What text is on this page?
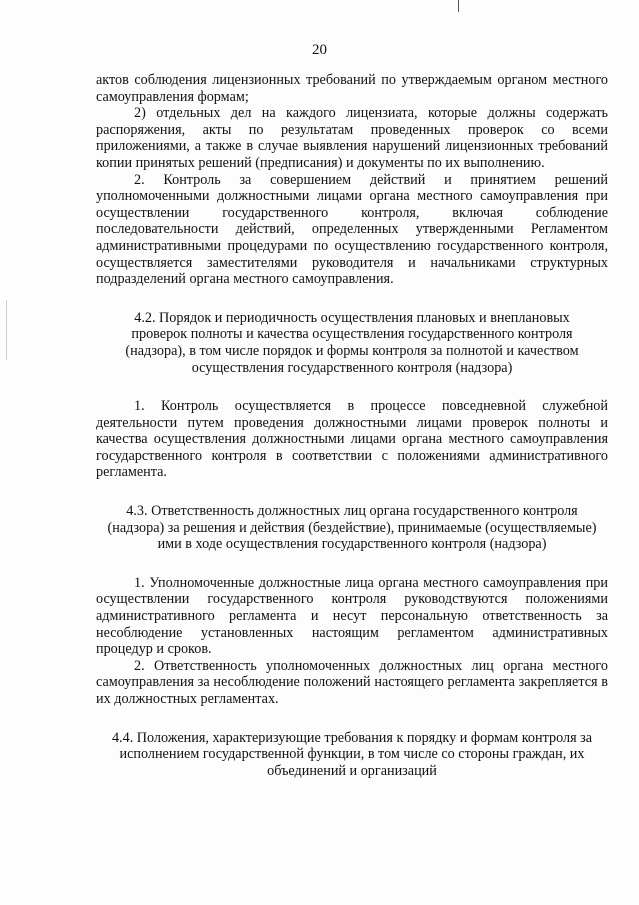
20

актов соблюдения лицензионных требований по утверждаемым органом местного самоуправления формам;

2) отдельных дел на каждого лицензиата, которые должны содержать распоряжения, акты по результатам проведенных проверок со всеми приложениями, а также в случае выявления нарушений лицензионных требований копии принятых решений (предписания) и документы по их выполнению.

2. Контроль за совершением действий и принятием решений уполномоченными должностными лицами органа местного самоуправления при осуществлении государственного контроля, включая соблюдение последовательности действий, определенных утвержденными Регламентом административными процедурами по осуществлению государственного контроля, осуществляется заместителями руководителя и начальниками структурных подразделений органа местного самоуправления.

4.2. Порядок и периодичность осуществления плановых и внеплановых проверок полноты и качества осуществления государственного контроля (надзора), в том числе порядок и формы контроля за полнотой и качеством осуществления государственного контроля (надзора)

1. Контроль осуществляется в процессе повседневной служебной деятельности путем проведения должностными лицами проверок полноты и качества осуществления должностными лицами органа местного самоуправления государственного контроля в соответствии с положениями административного регламента.

4.3. Ответственность должностных лиц органа государственного контроля (надзора) за решения и действия (бездействие), принимаемые (осуществляемые) ими в ходе осуществления государственного контроля (надзора)

1. Уполномоченные должностные лица органа местного самоуправления при осуществлении государственного контроля руководствуются положениями административного регламента и несут персональную ответственность за несоблюдение установленных настоящим регламентом административных процедур и сроков.

2. Ответственность уполномоченных должностных лиц органа местного самоуправления за несоблюдение положений настоящего регламента закрепляется в их должностных регламентах.

4.4. Положения, характеризующие требования к порядку и формам контроля за исполнением государственной функции, в том числе со стороны граждан, их объединений и организаций
